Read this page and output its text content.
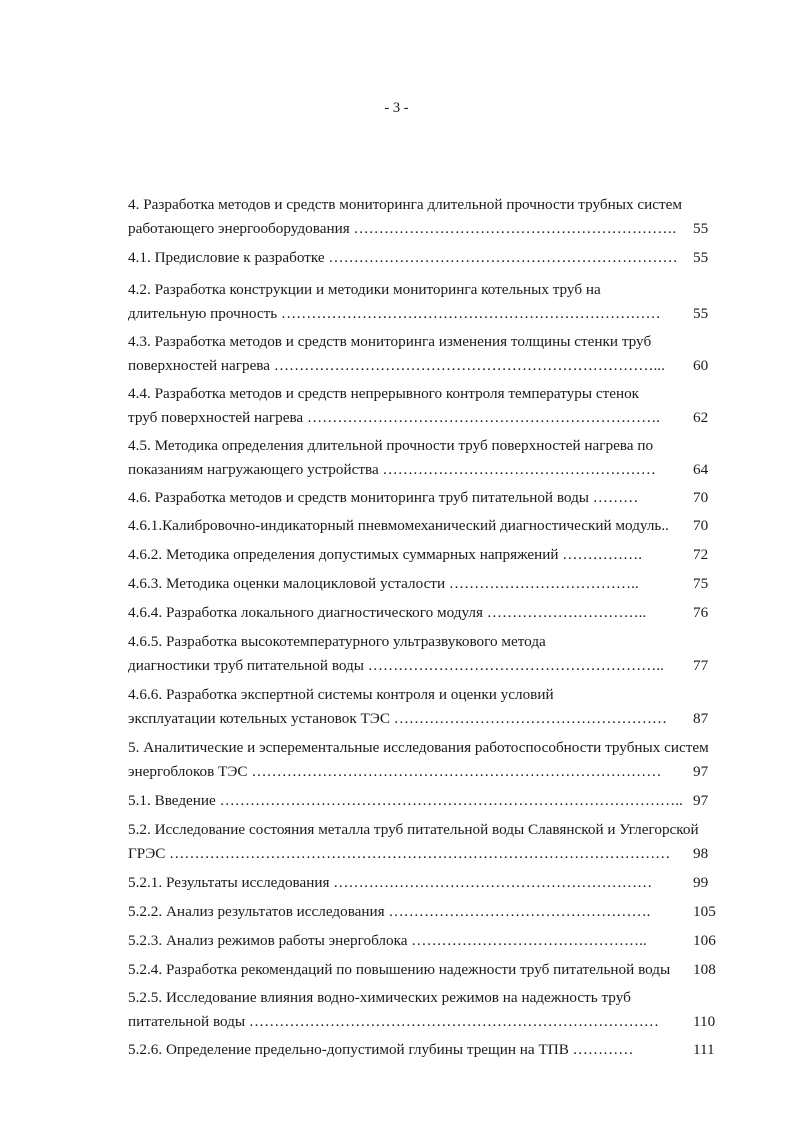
- 3 -
4. Разработка методов и средств мониторинга длительной прочности трубных систем
работающего энергооборудования ………………………………………………………. 55
4.1. Предисловие к разработке …………………………………………………………… 55
4.2. Разработка конструкции и методики мониторинга котельных труб на
длительную прочность ………………………………………………………………… 55
4.3. Разработка методов и средств мониторинга изменения толщины стенки труб
поверхностей нагрева …………………………………………………………………... 60
4.4. Разработка методов и средств непрерывного контроля температуры стенок
труб поверхностей нагрева ……………………………………………………………. 62
4.5. Методика определения длительной прочности труб поверхностей нагрева по
показаниям нагружающего устройства ……………………………………………… 64
4.6. Разработка методов и средств мониторинга труб питательной воды ………	70
4.6.1.Калибровочно-индикаторный пневмомеханический диагностический модуль.. 70
4.6.2. Методика определения допустимых суммарных напряжений …………….	72
4.6.3. Методика оценки малоцикловой усталости ………………………………..	75
4.6.4. Разработка локального диагностического модуля …………………………..	76
4.6.5. Разработка высокотемпературного ультразвукового метода
диагностики труб питательной воды ………………………………………………….. 77
4.6.6. Разработка экспертной системы контроля и оценки условий
эксплуатации котельных установок ТЭС ……………………………………………… 87
5. Аналитические и эсперементальные исследования работоспособности трубных систем
энергоблоков ТЭС ……………………………………………………………………… 97
5.1. Введение ……………………………………………………………………………….. 97
5.2. Исследование состояния металла труб питательной воды Славянской и Углегорской
ГРЭС ……………………………………………………………………………………… 98
5.2.1. Результаты исследования ………………………………………………………	99
5.2.2. Анализ результатов исследования …………………………………………….	105
5.2.3. Анализ режимов работы энергоблока ………………………………………..	106
5.2.4. Разработка рекомендаций по повышению надежности труб питательной воды 108
5.2.5. Исследование влияния водно-химических режимов на надежность труб
питательной воды ……………………………………………………………………… 110
5.2.6. Определение предельно-допустимой глубины трещин на ТПВ …………	111
